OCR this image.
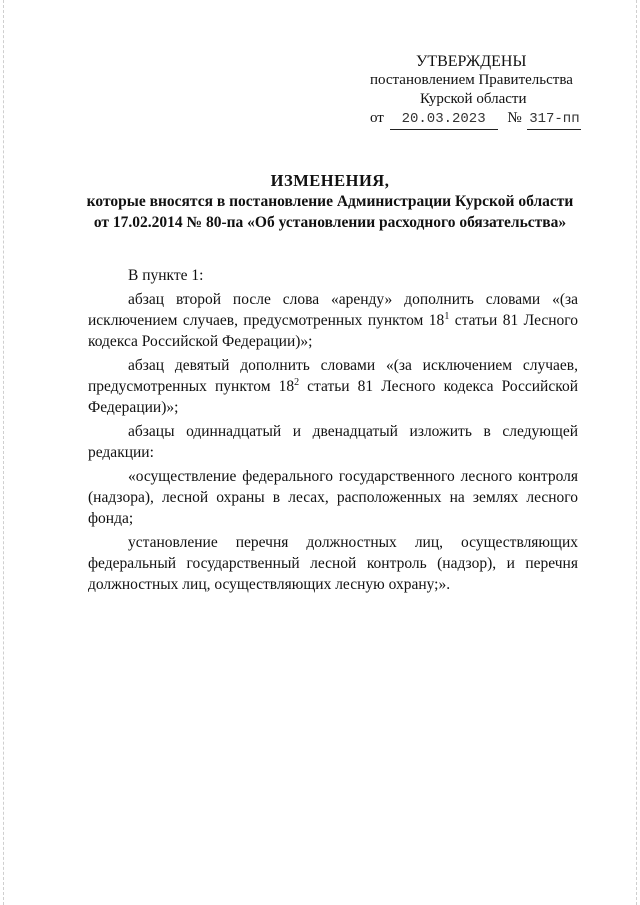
УТВЕРЖДЕНЫ
постановлением Правительства
Курской области
от 20.03.2023 № 317-пп
ИЗМЕНЕНИЯ,
которые вносятся в постановление Администрации Курской области
от 17.02.2014 № 80-па «Об установлении расходного обязательства»

В пункте 1:

абзац второй после слова «аренду» дополнить словами «(за исключением случаев, предусмотренных пунктом $18^1$ статьи 81 Лесного кодекса Российской Федерации)»;

абзац девятый дополнить словами «(за исключением случаев, предусмотренных пунктом $18^2$ статьи 81 Лесного кодекса Российской Федерации)»;

абзацы одиннадцатый и двенадцатый изложить в следующей редакции:

«осуществление федерального государственного лесного контроля (надзора), лесной охраны в лесах, расположенных на землях лесного фонда;

установление перечня должностных лиц, осуществляющих федеральный государственный лесной контроль (надзор), и перечня должностных лиц, осуществляющих лесную охрану;».
